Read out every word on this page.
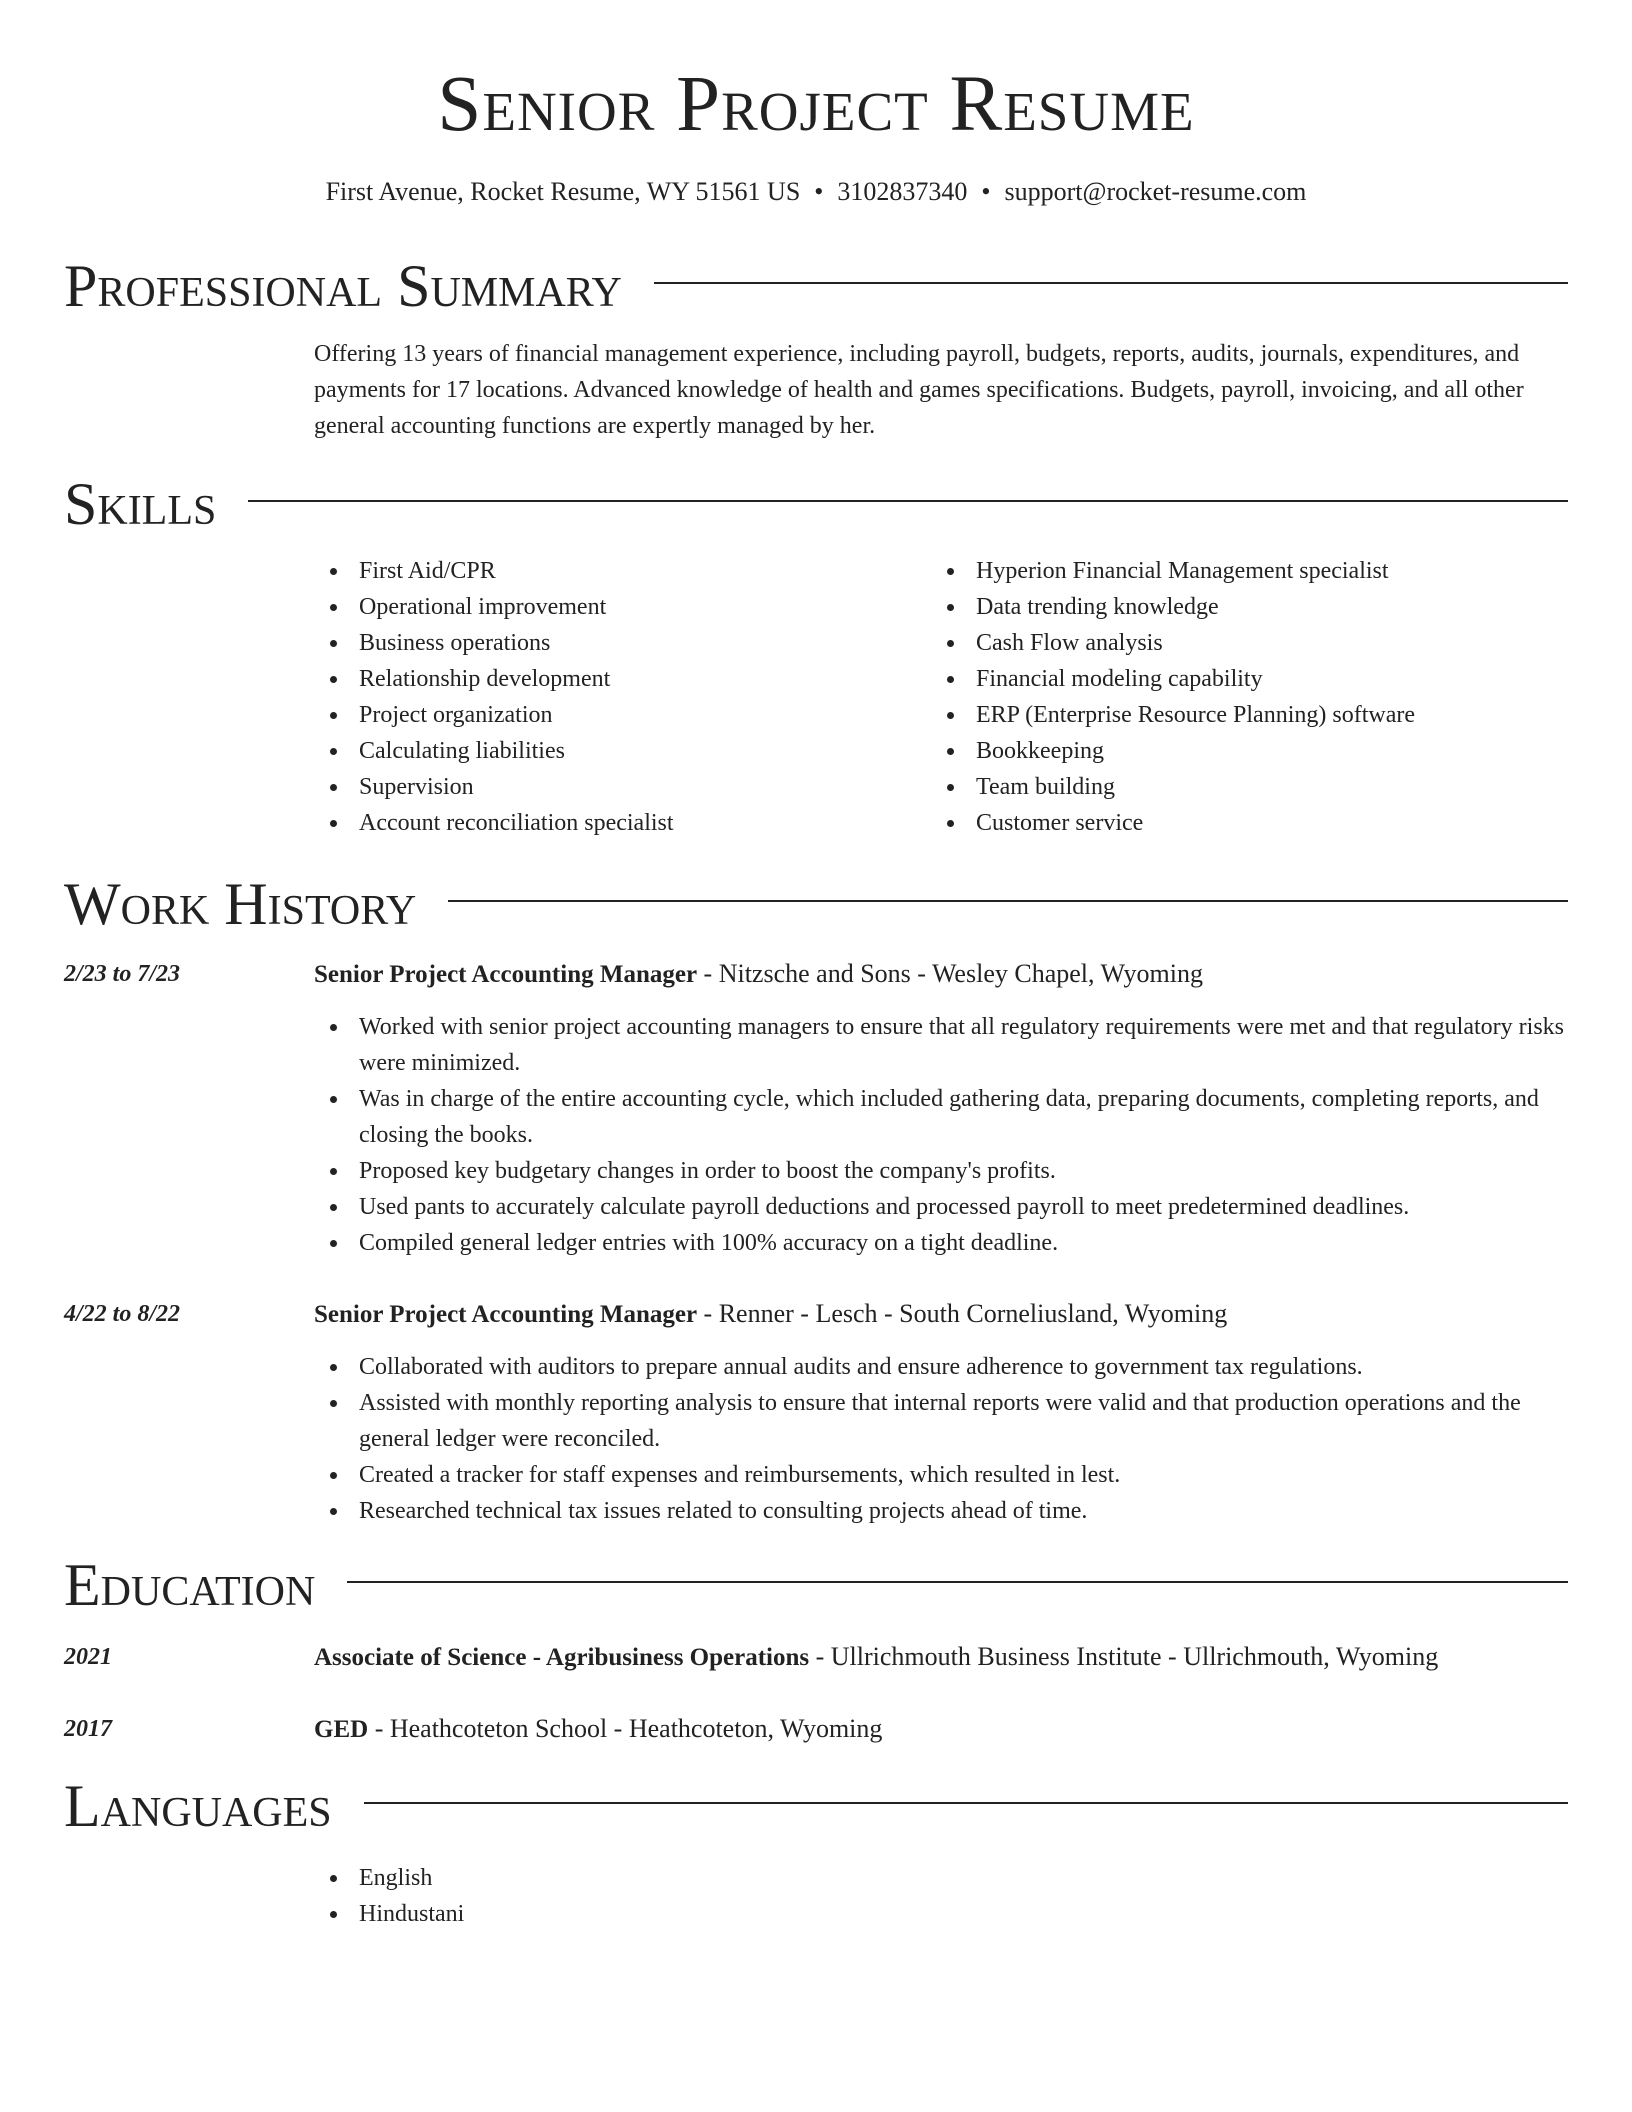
Senior Project Resume
First Avenue, Rocket Resume, WY 51561 US • 3102837340 • support@rocket-resume.com
Professional Summary

Offering 13 years of financial management experience, including payroll, budgets, reports, audits, journals, expenditures, and payments for 17 locations. Advanced knowledge of health and games specifications. Budgets, payroll, invoicing, and all other general accounting functions are expertly managed by her.

Skills
First Aid/CPR
Operational improvement
Business operations
Relationship development
Project organization
Calculating liabilities
Supervision
Account reconciliation specialist
Hyperion Financial Management specialist
Data trending knowledge
Cash Flow analysis
Financial modeling capability
ERP (Enterprise Resource Planning) software
Bookkeeping
Team building
Customer service
Work History
2/23 to 7/23	Senior Project Accounting Manager - Nitzsche and Sons - Wesley Chapel, Wyoming
Worked with senior project accounting managers to ensure that all regulatory requirements were met and that regulatory risks were minimized.
Was in charge of the entire accounting cycle, which included gathering data, preparing documents, completing reports, and closing the books.
Proposed key budgetary changes in order to boost the company's profits.
Used pants to accurately calculate payroll deductions and processed payroll to meet predetermined deadlines.
Compiled general ledger entries with 100% accuracy on a tight deadline.
4/22 to 8/22	Senior Project Accounting Manager - Renner - Lesch - South Corneliusland, Wyoming
Collaborated with auditors to prepare annual audits and ensure adherence to government tax regulations.
Assisted with monthly reporting analysis to ensure that internal reports were valid and that production operations and the general ledger were reconciled.
Created a tracker for staff expenses and reimbursements, which resulted in lest.
Researched technical tax issues related to consulting projects ahead of time.
Education
2021	Associate of Science - Agribusiness Operations - Ullrichmouth Business Institute - Ullrichmouth, Wyoming
2017	GED - Heathcoteton School - Heathcoteton, Wyoming
Languages
English
Hindustani
